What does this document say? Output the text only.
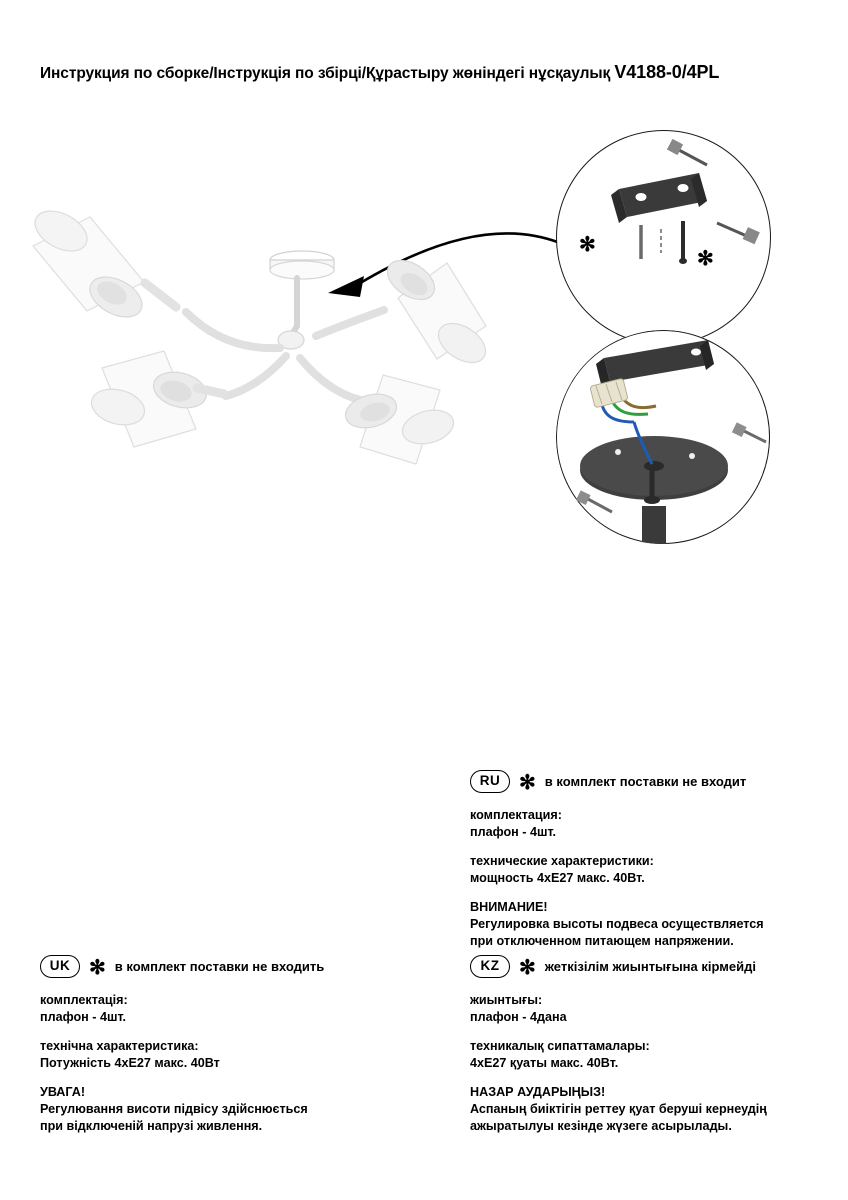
Инструкция по сборке/Інструкція по збірці/Құрастыру жөніндегі нұсқаулық V4188-0/4PL
✻
✻
RU ✻ в комплект поставки не входит
комплектация:
плафон - 4шт.
технические характеристики:
мощность 4хЕ27 макс. 40Вт.
ВНИМАНИЕ!
Регулировка высоты подвеса осуществляется
при отключенном питающем напряжении.
UK ✻ в комплект поставки не входить
комплектація:
плафон - 4шт.
технічна характеристика:
Потужність 4хЕ27 макс. 40Вт
УВАГА!
Регулювання висоти підвісу здійснюється
при відключеній напрузі живлення.
KZ ✻ жеткізілім жиынтығына кірмейді
жиынтығы:
плафон - 4дана
техникалық сипаттамалары:
4хЕ27 қуаты макс. 40Вт.
НАЗАР АУДАРЫҢЫЗ!
Аспаның биіктігін реттеу қуат беруші кернеудің
ажыратылуы кезінде жүзеге асырылады.
